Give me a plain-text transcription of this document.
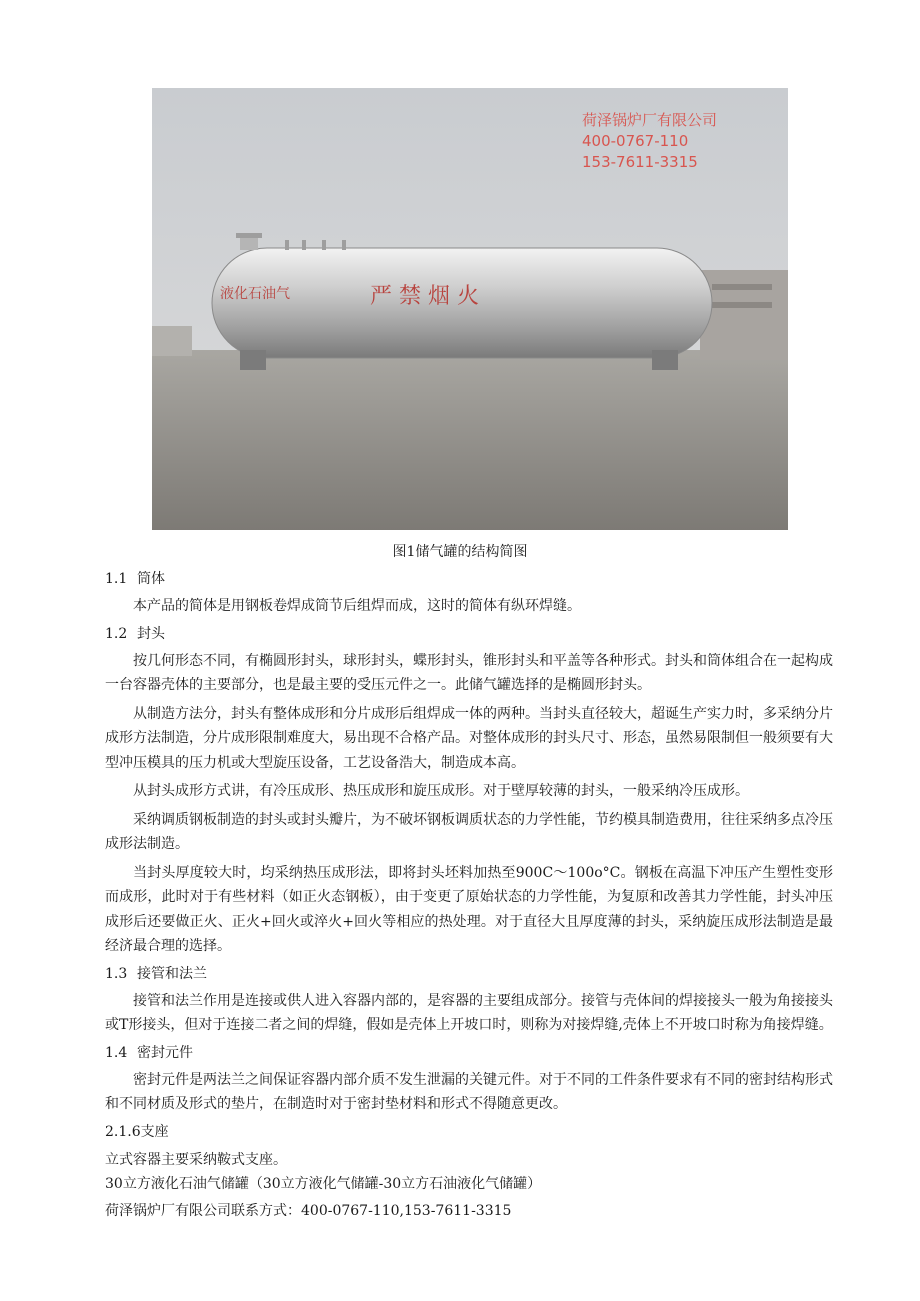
荷泽锅炉厂有限公司
400-0767-110
153-7611-3315
液化石油气	严 禁 烟 火
图1储气罐的结构简图
1.1 筒体
本产品的简体是用钢板卷焊成筒节后组焊而成，这时的简体有纵环焊缝。
1.2 封头
按几何形态不同，有椭圆形封头，球形封头，蝶形封头，锥形封头和平盖等各种形式。封头和筒体组合在一起构成一台容器壳体的主要部分，也是最主要的受压元件之一。此储气罐选择的是椭圆形封头。
从制造方法分，封头有整体成形和分片成形后组焊成一体的两种。当封头直径较大，超诞生产实力时，多采纳分片成形方法制造，分片成形限制难度大，易出现不合格产品。对整体成形的封头尺寸、形态，虽然易限制但一般须要有大型冲压模具的压力机或大型旋压设备，工艺设备浩大，制造成本高。
从封头成形方式讲，有冷压成形、热压成形和旋压成形。对于壁厚较薄的封头，一般采纳冷压成形。
采纳调质钢板制造的封头或封头瓣片，为不破坏钢板调质状态的力学性能，节约模具制造费用，往往采纳多点冷压成形法制造。
当封头厚度较大时，均采纳热压成形法，即将封头坯料加热至900C～100o°C。钢板在高温下冲压产生塑性变形而成形，此时对于有些材料（如正火态钢板），由于变更了原始状态的力学性能，为复原和改善其力学性能，封头冲压成形后还要做正火、正火+回火或淬火+回火等相应的热处理。对于直径大且厚度薄的封头，采纳旋压成形法制造是最经济最合理的选择。
1.3 接管和法兰
接管和法兰作用是连接或供人进入容器内部的，是容器的主要组成部分。接管与壳体间的焊接接头一般为角接接头或T形接头，但对于连接二者之间的焊缝，假如是壳体上开坡口时，则称为对接焊缝,壳体上不开坡口时称为角接焊缝。
1.4 密封元件
密封元件是两法兰之间保证容器内部介质不发生泄漏的关键元件。对于不同的工件条件要求有不同的密封结构形式和不同材质及形式的垫片，在制造时对于密封垫材料和形式不得随意更改。
2.1.6支座
立式容器主要采纳鞍式支座。
30立方液化石油气储罐（30立方液化气储罐-30立方石油液化气储罐）
荷泽锅炉厂有限公司联系方式：400-0767-110,153-7611-3315
